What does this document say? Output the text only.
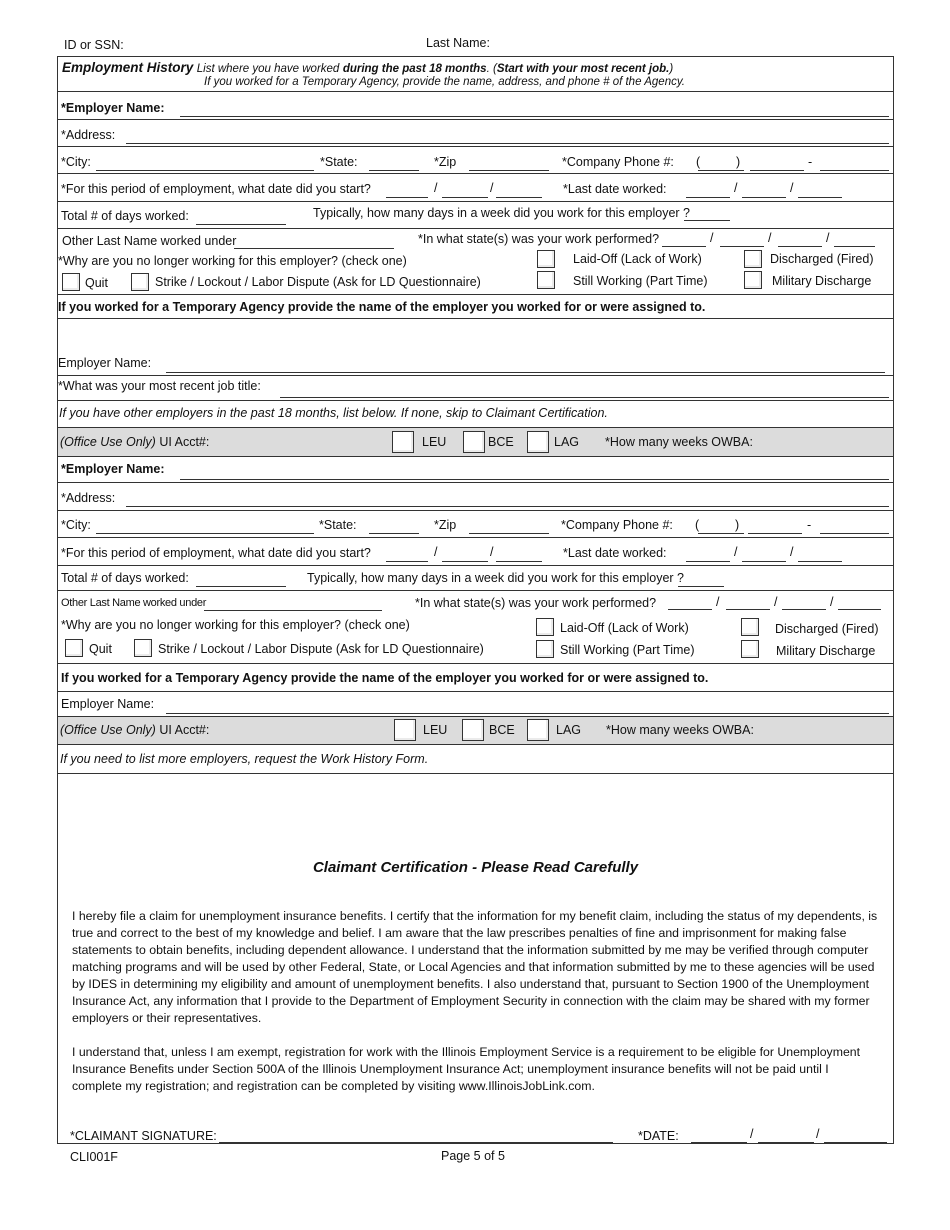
ID or SSN:	Last Name:
Employment History List where you have worked during the past 18 months. (Start with your most recent job.)
If you worked for a Temporary Agency, provide the name, address, and phone # of the Agency.
*Employer Name:
*Address:
*City:	*State:	*Zip	*Company Phone #: (	)	-
*For this period of employment, what date did you start?	/	/	*Last date worked:	/	/
Total # of days worked:	Typically, how many days in a week did you work for this employer ?
Other Last Name worked under	*In what state(s) was your work performed?	/	/	/
*Why are you no longer working for this employer? (check one)	Laid-Off (Lack of Work)	Discharged (Fired)
Quit	Strike / Lockout / Labor Dispute (Ask for LD Questionnaire)	Still Working (Part Time)	Military Discharge
If you worked for a Temporary Agency provide the name of the employer you worked for or were assigned to.
Employer Name:
*What was your most recent job title:
If you have other employers in the past 18 months, list below. If none, skip to Claimant Certification.
(Office Use Only) UI Acct#:	LEU	BCE	LAG *How many weeks OWBA:
*Employer Name:
*Address:
*City:	*State:	*Zip	*Company Phone #: (	)	-
*For this period of employment, what date did you start?	/	/	*Last date worked:	/	/
Total # of days worked:	Typically, how many days in a week did you work for this employer ?
Other Last Name worked under	*In what state(s) was your work performed?	/	/	/
*Why are you no longer working for this employer? (check one)	Laid-Off (Lack of Work)	Discharged (Fired)
Quit	Strike / Lockout / Labor Dispute (Ask for LD Questionnaire)	Still Working (Part Time)	Military Discharge
If you worked for a Temporary Agency provide the name of the employer you worked for or were assigned to.
Employer Name:
(Office Use Only) UI Acct#:	LEU	BCE	LAG *How many weeks OWBA:
If you need to list more employers, request the Work History Form.
Claimant Certification - Please Read Carefully
I hereby file a claim for unemployment insurance benefits. I certify that the information for my benefit claim, including the status of my dependents, is true and correct to the best of my knowledge and belief. I am aware that the law prescribes penalties of fine and imprisonment for making false statements to obtain benefits, including dependent allowance. I understand that the information submitted by me may be verified through computer matching programs and will be used by other Federal, State, or Local Agencies and that information submitted by me to these agencies will be used by IDES in determining my eligibility and amount of unemployment benefits. I also understand that, pursuant to Section 1900 of the Unemployment Insurance Act, any information that I provide to the Department of Employment Security in connection with the claim may be shared with my former employers or their representatives.
I understand that, unless I am exempt, registration for work with the Illinois Employment Service is a requirement to be eligible for Unemployment Insurance Benefits under Section 500A of the Illinois Unemployment Insurance Act; unemployment insurance benefits will not be paid until I complete my registration; and registration can be completed by visiting www.IllinoisJobLink.com.
*CLAIMANT SIGNATURE:	*DATE:	/	/
CLI001F	Page 5 of 5
